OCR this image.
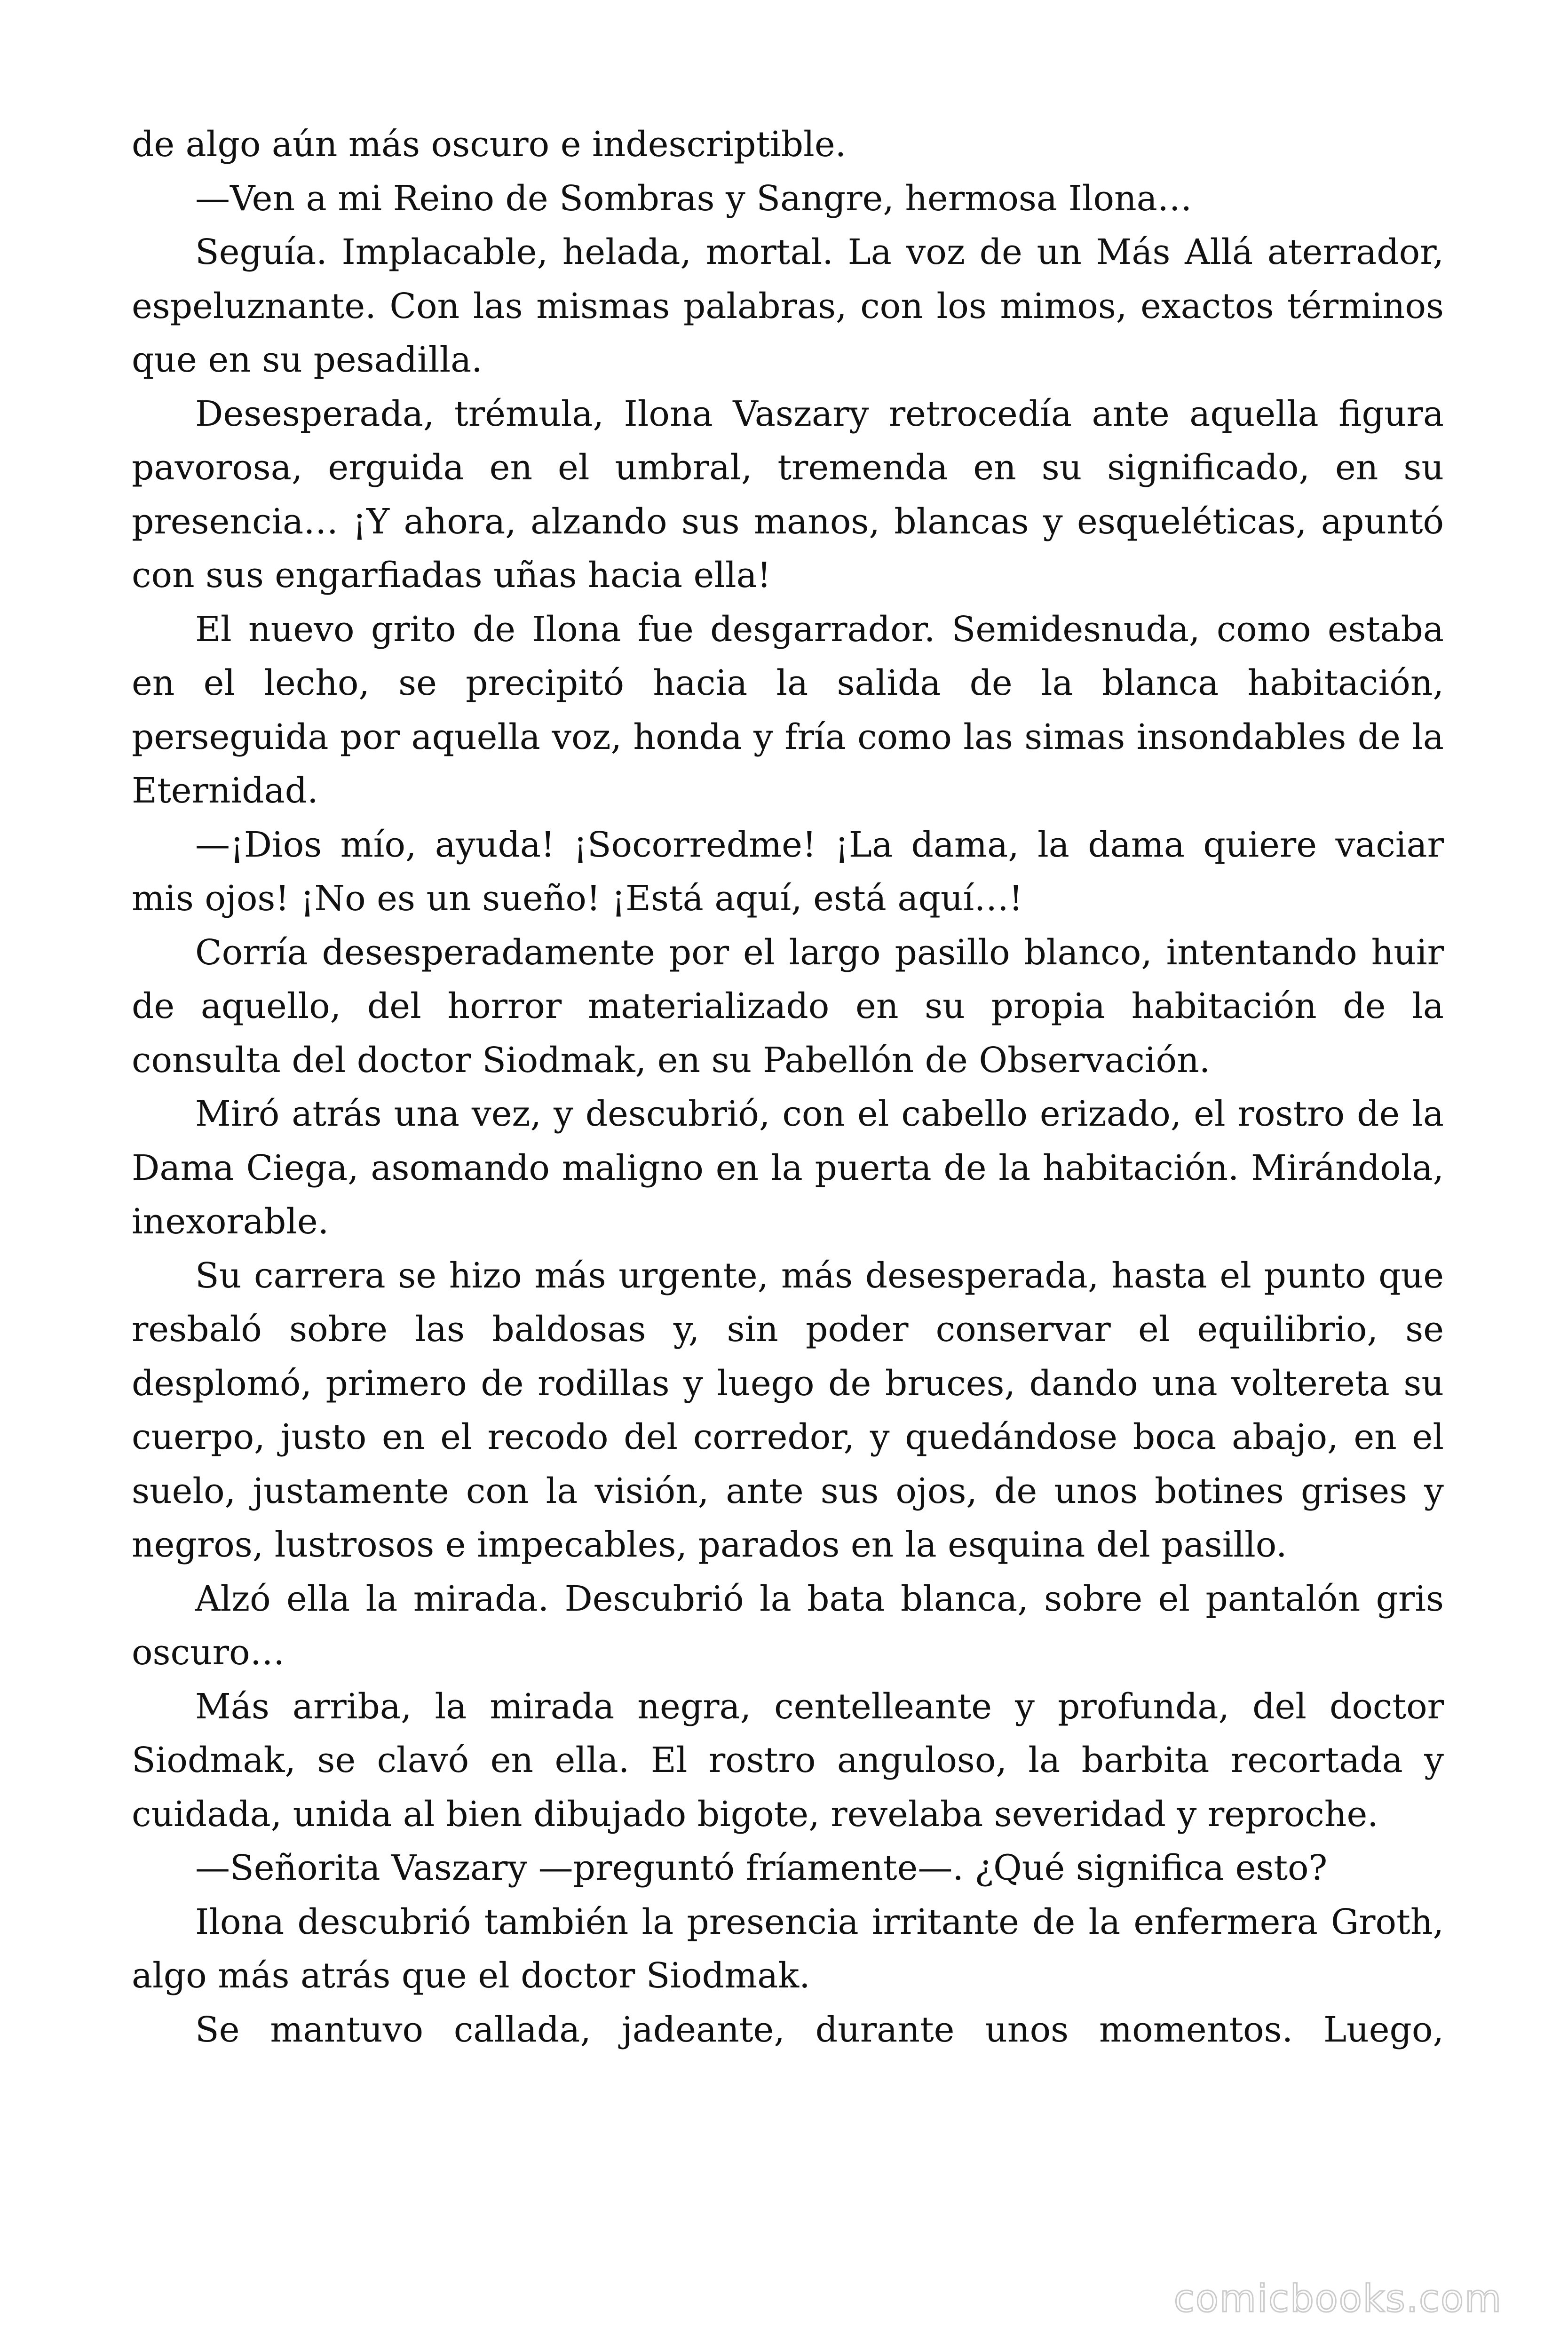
de algo aún más oscuro e indescriptible.

—Ven a mi Reino de Sombras y Sangre, hermosa Ilona…

Seguía. Implacable, helada, mortal. La voz de un Más Allá aterrador, espeluznante. Con las mismas palabras, con los mimos, exactos términos que en su pesadilla.

Desesperada, trémula, Ilona Vaszary retrocedía ante aquella figura pavorosa, erguida en el umbral, tremenda en su significado, en su presencia… ¡Y ahora, alzando sus manos, blancas y esqueléticas, apuntó con sus engarfiadas uñas hacia ella!

El nuevo grito de Ilona fue desgarrador. Semidesnuda, como estaba en el lecho, se precipitó hacia la salida de la blanca habitación, perseguida por aquella voz, honda y fría como las simas insondables de la Eternidad.

—¡Dios mío, ayuda! ¡Socorredme! ¡La dama, la dama quiere vaciar mis ojos! ¡No es un sueño! ¡Está aquí, está aquí…!

Corría desesperadamente por el largo pasillo blanco, intentando huir de aquello, del horror materializado en su propia habitación de la consulta del doctor Siodmak, en su Pabellón de Observación.

Miró atrás una vez, y descubrió, con el cabello erizado, el rostro de la Dama Ciega, asomando maligno en la puerta de la habitación. Mirándola, inexorable.

Su carrera se hizo más urgente, más desesperada, hasta el punto que resbaló sobre las baldosas y, sin poder conservar el equilibrio, se desplomó, primero de rodillas y luego de bruces, dando una voltereta su cuerpo, justo en el recodo del corredor, y quedándose boca abajo, en el suelo, justamente con la visión, ante sus ojos, de unos botines grises y negros, lustrosos e impecables, parados en la esquina del pasillo.

Alzó ella la mirada. Descubrió la bata blanca, sobre el pantalón gris oscuro…

Más arriba, la mirada negra, centelleante y profunda, del doctor Siodmak, se clavó en ella. El rostro anguloso, la barbita recortada y cuidada, unida al bien dibujado bigote, revelaba severidad y reproche.

—Señorita Vaszary —preguntó fríamente—. ¿Qué significa esto?

Ilona descubrió también la presencia irritante de la enfermera Groth, algo más atrás que el doctor Siodmak.

Se mantuvo callada, jadeante, durante unos momentos. Luego,

comicbooks.com
